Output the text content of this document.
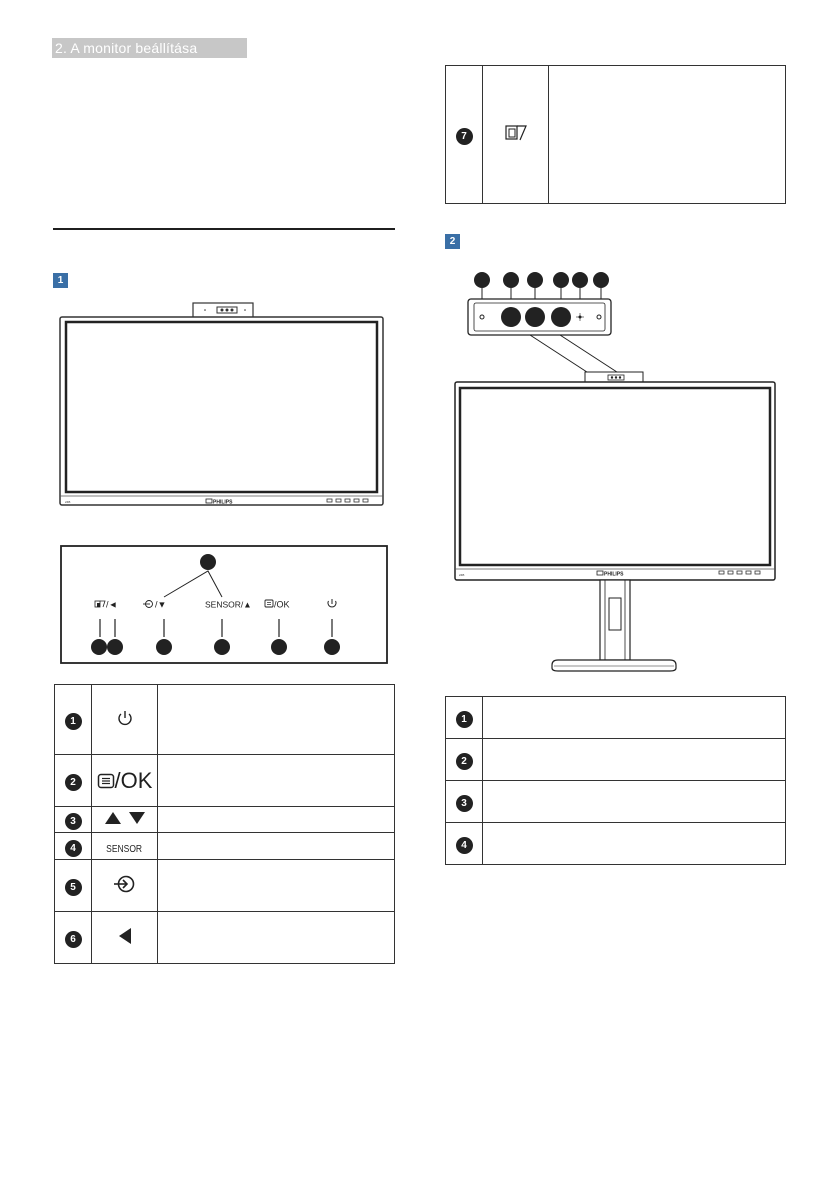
2. A monitor beállítása
1
24B	PHILIPS
/◄	/▼	SENSOR/▲ /OK
1		
2	/OK	
3		
4	SENSOR	
5		
6		
7		
2
24B	PHILIPS
1	
2	
3	
4	
